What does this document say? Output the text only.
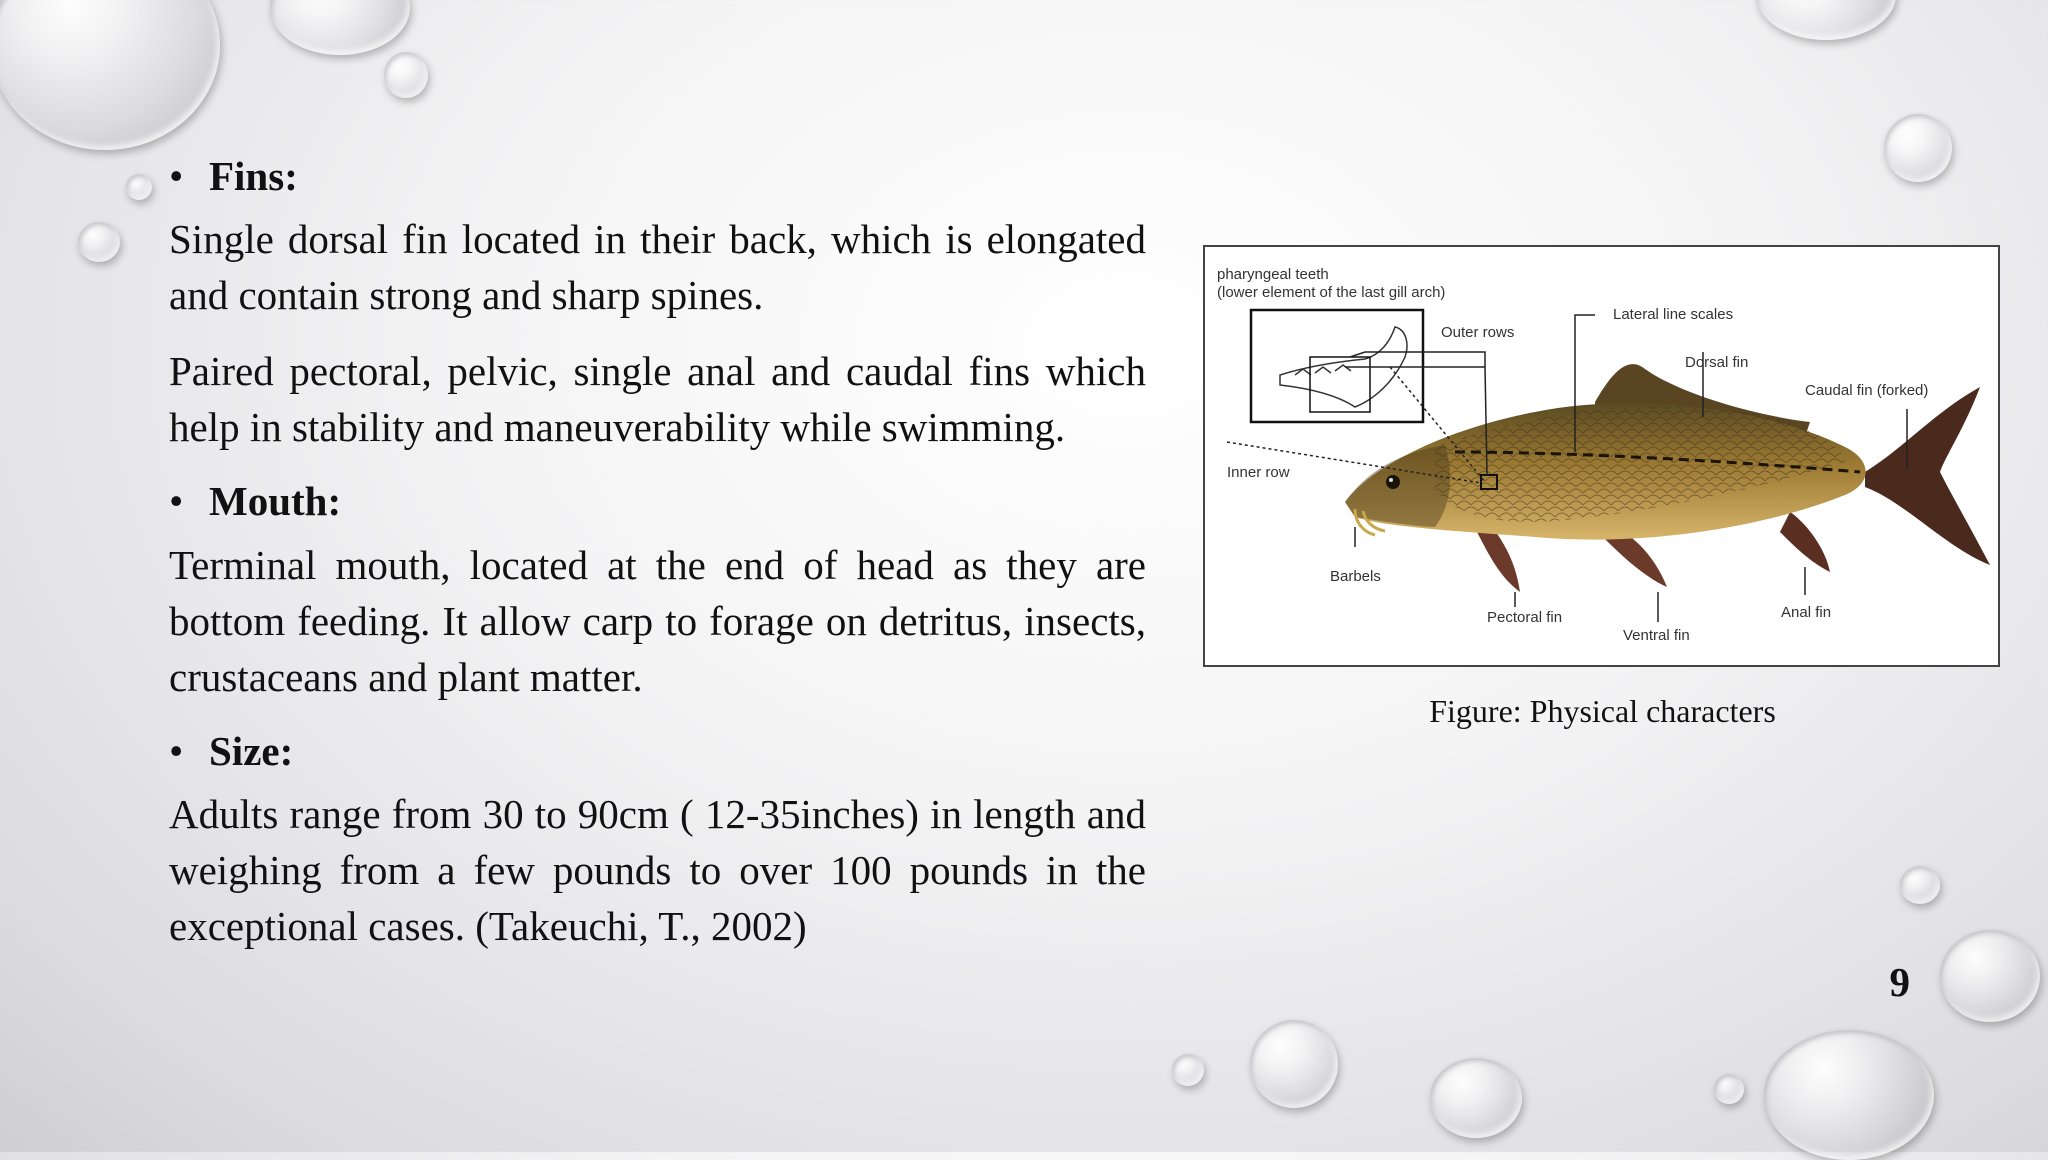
• Fins:

Single dorsal fin located in their back, which is elongated and contain strong and sharp spines.

Paired pectoral, pelvic, single anal and caudal fins which help in stability and maneuverability while swimming.

• Mouth:

Terminal mouth, located at the end of head as they are bottom feeding. It allow carp to forage on detritus, insects, crustaceans and plant matter.

• Size:

Adults range from 30 to 90cm ( 12-35inches) in length and weighing from a few pounds to over 100 pounds in the exceptional cases. (Takeuchi, T., 2002)

pharyngeal teeth
(lower element of the last gill arch)
Outer rows
Lateral line scales
Dorsal fin
Caudal fin (forked)
Inner row
Barbels
Pectoral fin
Ventral fin
Anal fin
Figure: Physical characters
9
